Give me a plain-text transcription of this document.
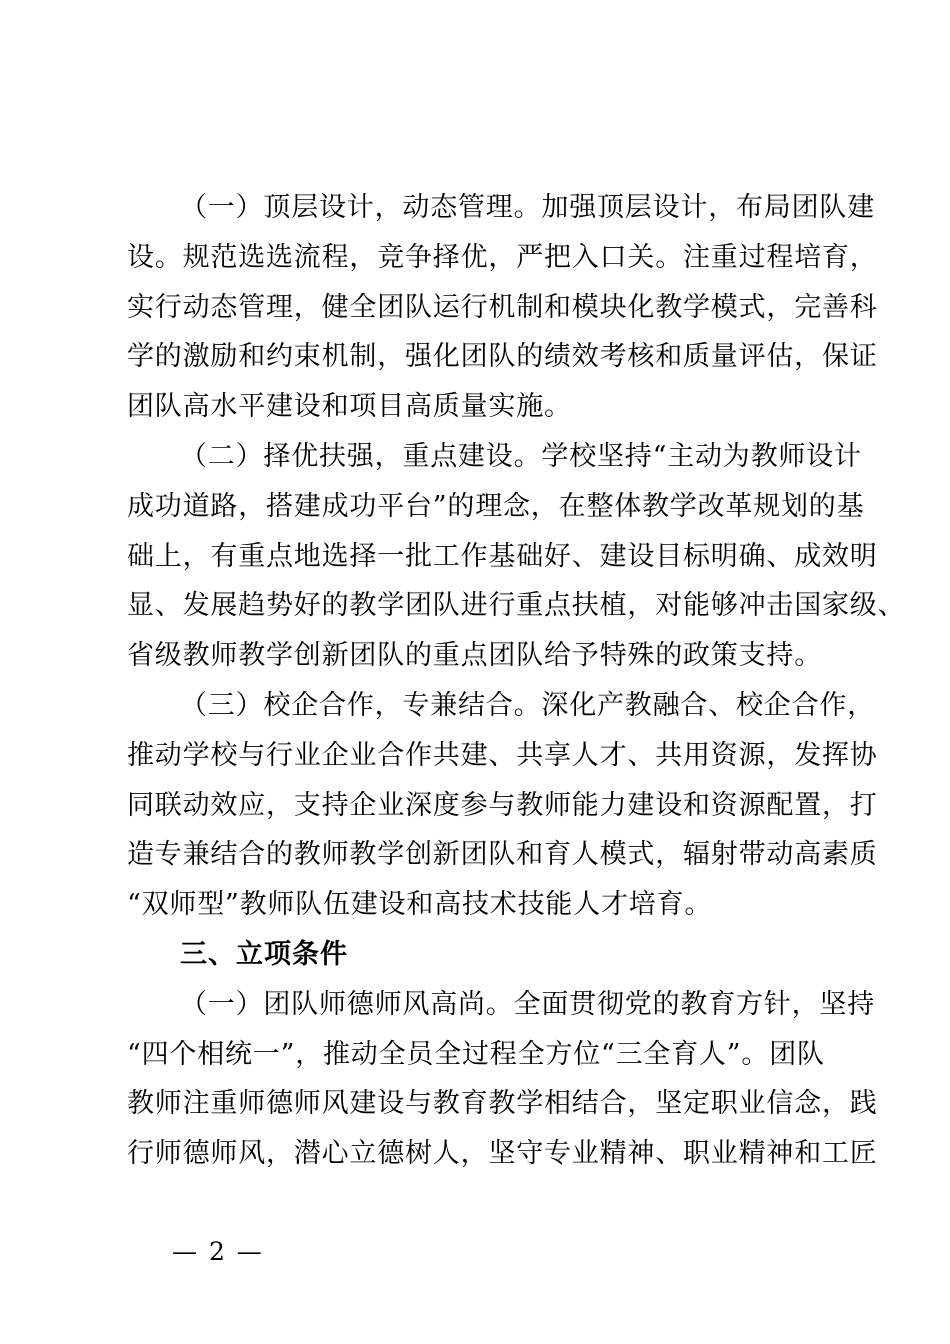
（一）顶层设计，动态管理。加强顶层设计，布局团队建
设。规范选选流程，竞争择优，严把入口关。注重过程培育，
实行动态管理，健全团队运行机制和模块化教学模式，完善科
学的激励和约束机制，强化团队的绩效考核和质量评估，保证
团队高水平建设和项目高质量实施。
（二）择优扶强，重点建设。学校坚持“主动为教师设计
成功道路，搭建成功平台”的理念，在整体教学改革规划的基
础上，有重点地选择一批工作基础好、建设目标明确、成效明
显、发展趋势好的教学团队进行重点扶植，对能够冲击国家级、
省级教师教学创新团队的重点团队给予特殊的政策支持。
（三）校企合作，专兼结合。深化产教融合、校企合作，
推动学校与行业企业合作共建、共享人才、共用资源，发挥协
同联动效应，支持企业深度参与教师能力建设和资源配置，打
造专兼结合的教师教学创新团队和育人模式，辐射带动高素质
“双师型”教师队伍建设和高技术技能人才培育。
三、立项条件
（一）团队师德师风高尚。全面贯彻党的教育方针，坚持
“四个相统一”，推动全员全过程全方位“三全育人”。团队
教师注重师德师风建设与教育教学相结合，坚定职业信念，践
行师德师风，潜心立德树人，坚守专业精神、职业精神和工匠
— 2 —
